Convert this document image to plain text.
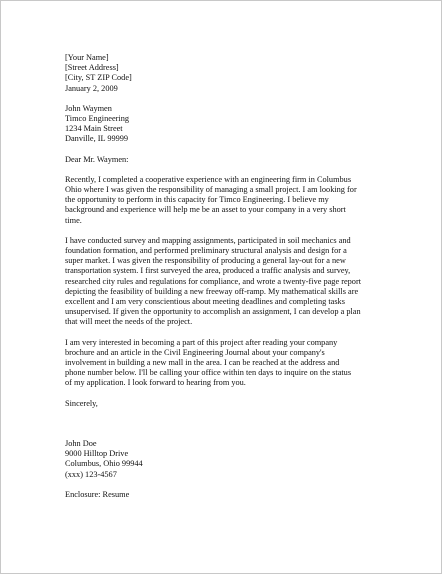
[Your Name]
[Street Address]
[City, ST ZIP Code]
January 2, 2009
John Waymen
Timco Engineering
1234 Main Street
Danville, IL 99999
Dear Mr. Waymen:
Recently, I completed a cooperative experience with an engineering firm in Columbus
Ohio where I was given the responsibility of managing a small project. I am looking for
the opportunity to perform in this capacity for Timco Engineering. I believe my
background and experience will help me be an asset to your company in a very short
time.
I have conducted survey and mapping assignments, participated in soil mechanics and
foundation formation, and performed preliminary structural analysis and design for a
super market. I was given the responsibility of producing a general lay-out for a new
transportation system. I first surveyed the area, produced a traffic analysis and survey,
researched city rules and regulations for compliance, and wrote a twenty-five page report
depicting the feasibility of building a new freeway off-ramp. My mathematical skills are
excellent and I am very conscientious about meeting deadlines and completing tasks
unsupervised. If given the opportunity to accomplish an assignment, I can develop a plan
that will meet the needs of the project.
I am very interested in becoming a part of this project after reading your company
brochure and an article in the Civil Engineering Journal about your company's
involvement in building a new mall in the area. I can be reached at the address and
phone number below. I'll be calling your office within ten days to inquire on the status
of my application. I look forward to hearing from you.
Sincerely,
John Doe
9000 Hilltop Drive
Columbus, Ohio 99944
(xxx) 123-4567
Enclosure: Resume
